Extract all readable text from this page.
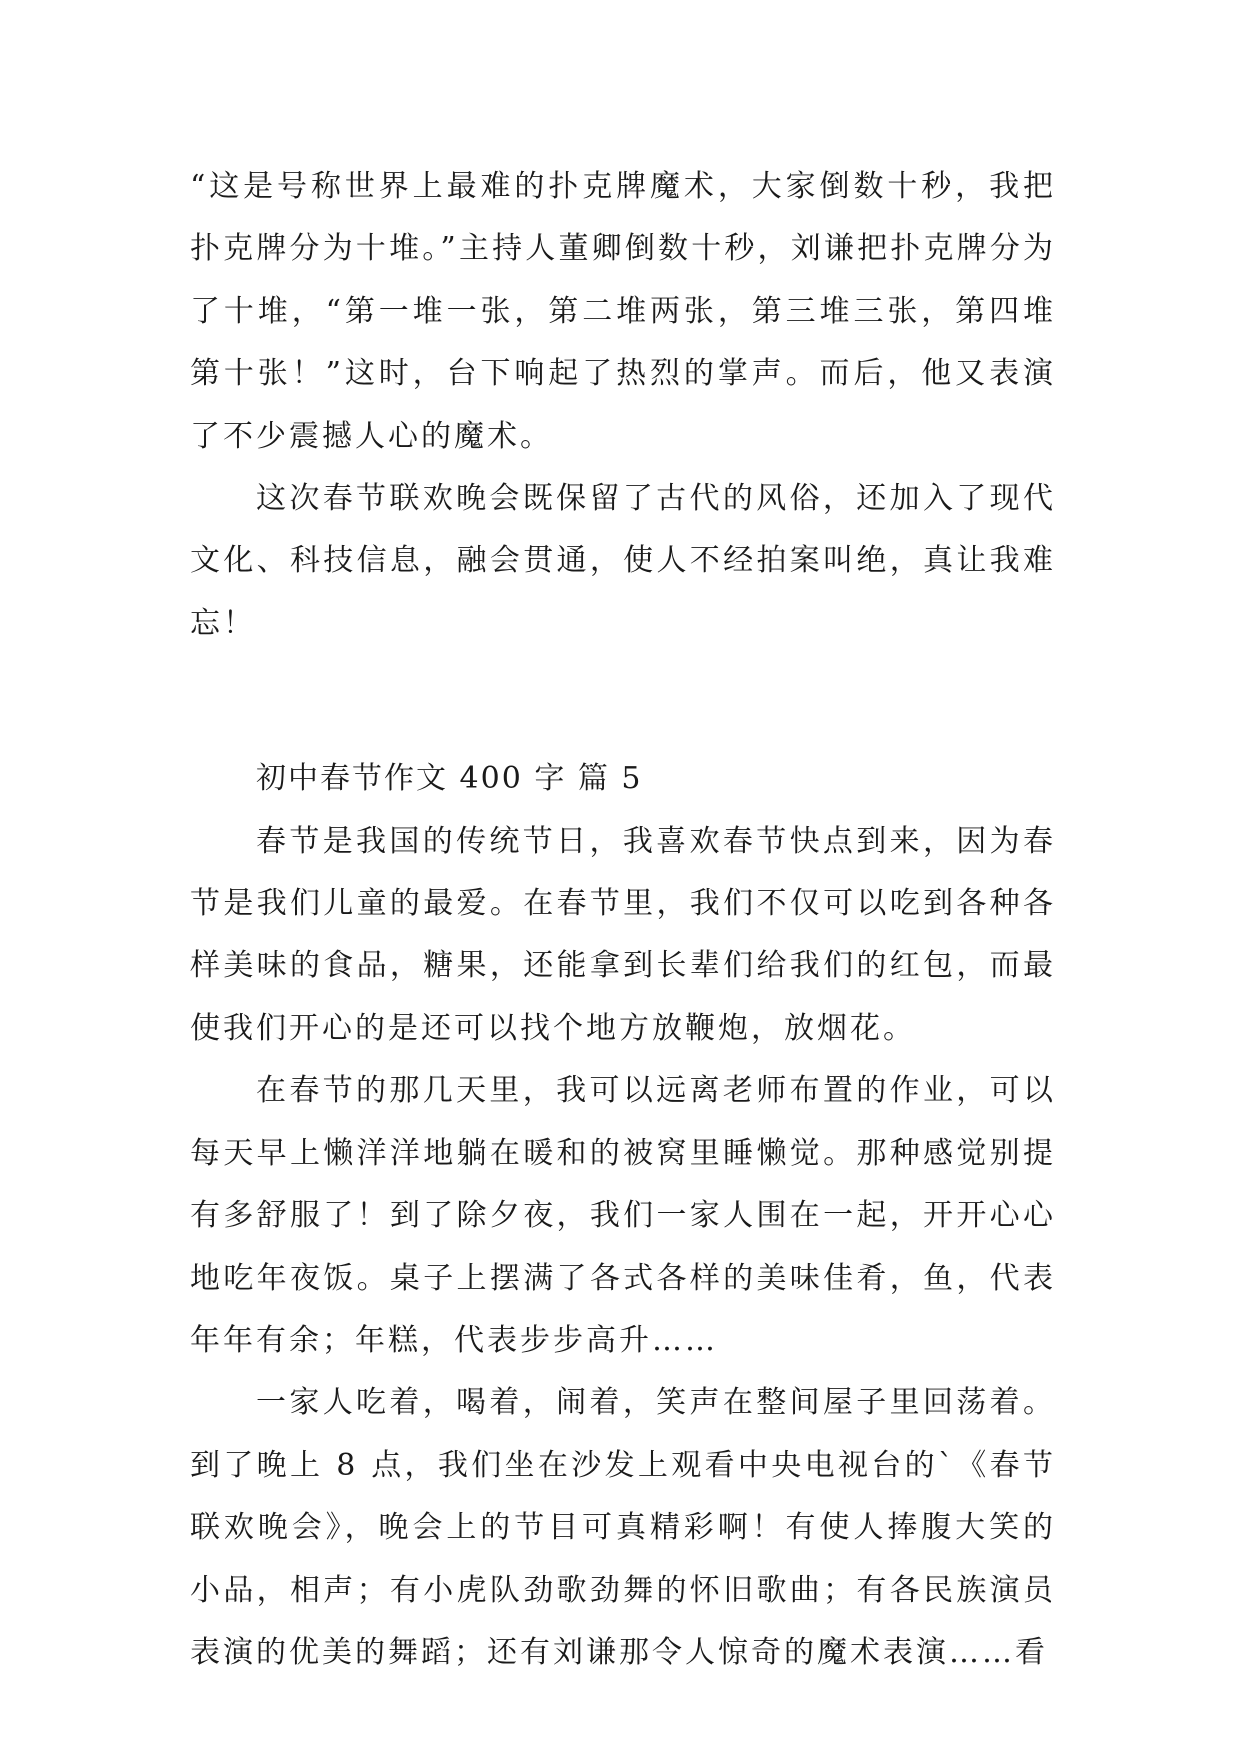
“这是号称世界上最难的扑克牌魔术，大家倒数十秒，我把扑克牌分为十堆。”主持人董卿倒数十秒，刘谦把扑克牌分为了十堆，“第一堆一张，第二堆两张，第三堆三张，第四堆第十张！”这时，台下响起了热烈的掌声。而后，他又表演了不少震撼人心的魔术。

这次春节联欢晚会既保留了古代的风俗，还加入了现代文化、科技信息，融会贯通，使人不经拍案叫绝，真让我难忘！

初中春节作文 400 字 篇 5

春节是我国的传统节日，我喜欢春节快点到来，因为春节是我们儿童的最爱。在春节里，我们不仅可以吃到各种各样美味的食品，糖果，还能拿到长辈们给我们的红包，而最使我们开心的是还可以找个地方放鞭炮，放烟花。

在春节的那几天里，我可以远离老师布置的作业，可以每天早上懒洋洋地躺在暖和的被窝里睡懒觉。那种感觉别提有多舒服了！到了除夕夜，我们一家人围在一起，开开心心地吃年夜饭。桌子上摆满了各式各样的美味佳肴，鱼，代表年年有余；年糕，代表步步高升……

一家人吃着，喝着，闹着，笑声在整间屋子里回荡着。到了晚上 8 点，我们坐在沙发上观看中央电视台的`《春节联欢晚会》，晚会上的节目可真精彩啊！有使人捧腹大笑的小品，相声；有小虎队劲歌劲舞的怀旧歌曲；有各民族演员表演的优美的舞蹈；还有刘谦那令人惊奇的魔术表演……看
